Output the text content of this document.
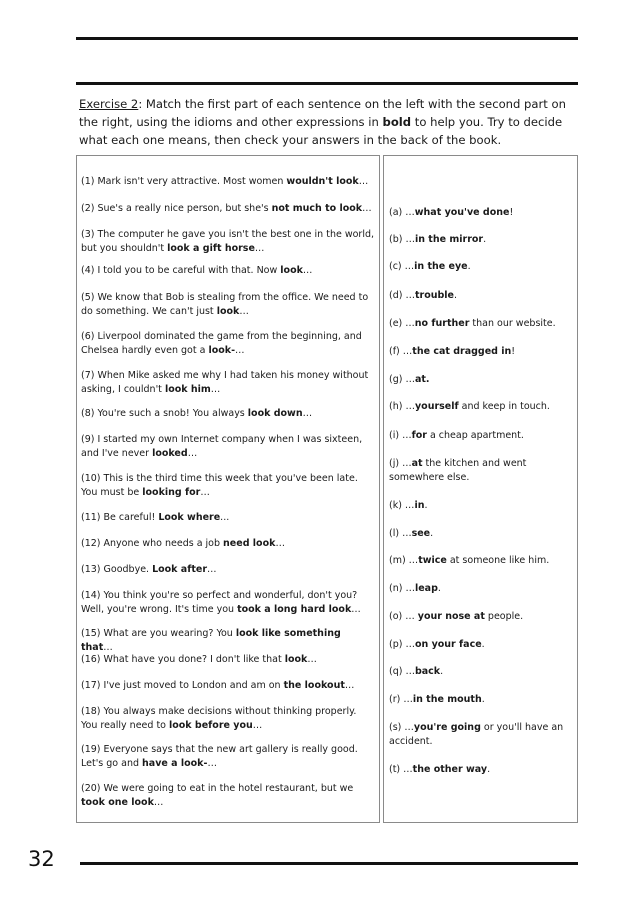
Exercise 2: Match the first part of each sentence on the left with the second part on the right, using the idioms and other expressions in bold to help you. Try to decide what each one means, then check your answers in the back of the book.
(1) Mark isn't very attractive. Most women wouldn't look…
(2) Sue's a really nice person, but she's not much to look…
(3) The computer he gave you isn't the best one in the world, but you shouldn't look a gift horse…
(4) I told you to be careful with that. Now look…
(5) We know that Bob is stealing from the office. We need to do something. We can't just look…
(6) Liverpool dominated the game from the beginning, and Chelsea hardly even got a look-…
(7) When Mike asked me why I had taken his money without asking, I couldn't look him…
(8) You're such a snob! You always look down…
(9) I started my own Internet company when I was sixteen, and I've never looked…
(10) This is the third time this week that you've been late. You must be looking for…
(11) Be careful! Look where...
(12) Anyone who needs a job need look…
(13) Goodbye. Look after…
(14) You think you're so perfect and wonderful, don't you? Well, you're wrong. It's time you took a long hard look…
(15) What are you wearing? You look like something that…
(16) What have you done? I don't like that look…
(17) I've just moved to London and am on the lookout…
(18) You always make decisions without thinking properly. You really need to look before you…
(19) Everyone says that the new art gallery is really good. Let's go and have a look-…
(20) We were going to eat in the hotel restaurant, but we took one look…
(a) …what you've done!
(b) …in the mirror.
(c) …in the eye.
(d) …trouble.
(e) …no further than our website.
(f) …the cat dragged in!
(g) …at.
(h) …yourself and keep in touch.
(i) …for a cheap apartment.
(j) …at the kitchen and went somewhere else.
(k) …in.
(l) …see.
(m) …twice at someone like him.
(n) …leap.
(o) … your nose at people.
(p) …on your face.
(q) …back.
(r) …in the mouth.
(s) …you're going or you'll have an accident.
(t) …the other way.
32
